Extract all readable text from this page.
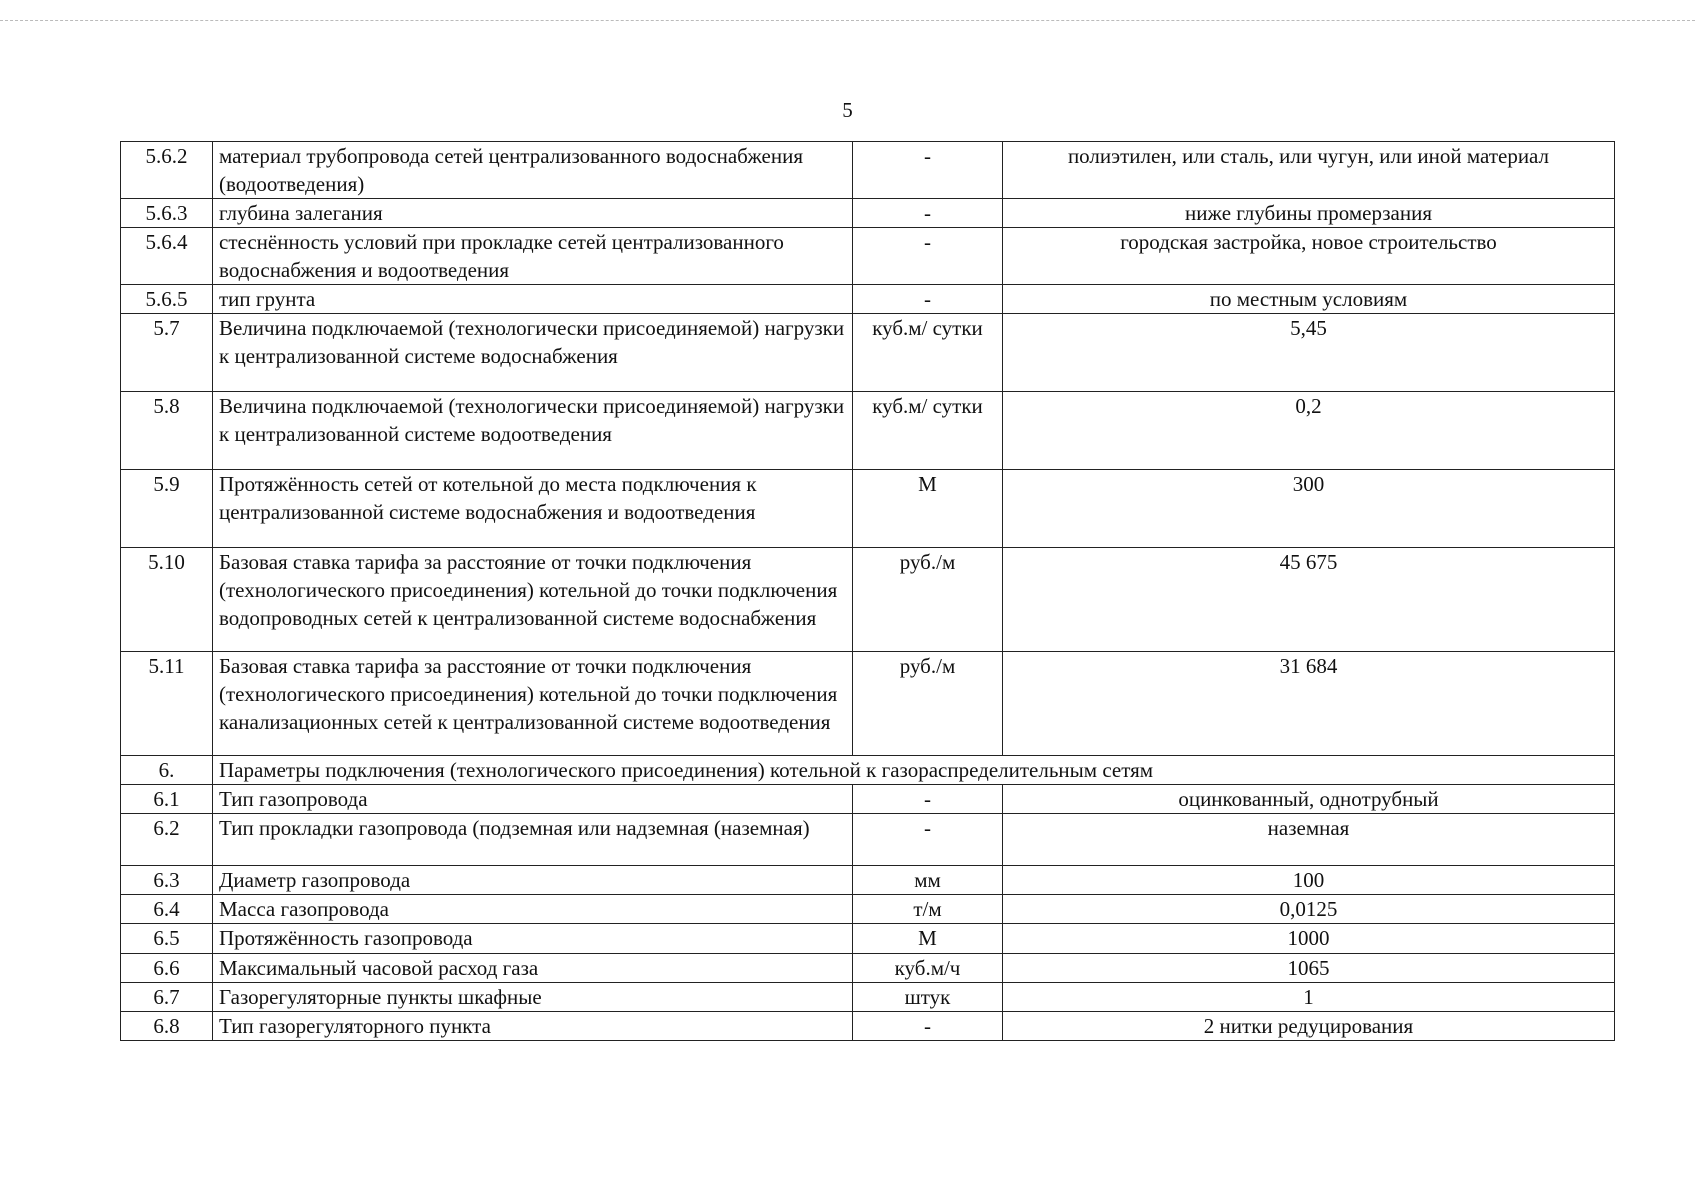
5
5.6.2	материал трубопровода сетей централизованного водоснабжения (водоотведения)	-	полиэтилен, или сталь, или чугун, или иной материал
5.6.3	глубина залегания	-	ниже глубины промерзания
5.6.4	стеснённость условий при прокладке сетей централизованного водоснабжения и водоотведения	-	городская застройка, новое строительство
5.6.5	тип грунта	-	по местным условиям
5.7	Величина подключаемой (технологически присоединяемой) нагрузки к централизованной системе водоснабжения	куб.м/ сутки	5,45
5.8	Величина подключаемой (технологически присоединяемой) нагрузки к централизованной системе водоотведения	куб.м/ сутки	0,2
5.9	Протяжённость сетей от котельной до места подключения к централизованной системе водоснабжения и водоотведения	М	300
5.10	Базовая ставка тарифа за расстояние от точки подключения (технологического присоединения) котельной до точки подключения водопроводных сетей к централизованной системе водоснабжения	руб./м	45 675
5.11	Базовая ставка тарифа за расстояние от точки подключения (технологического присоединения) котельной до точки подключения канализационных сетей к централизованной системе водоотведения	руб./м	31 684
6.	Параметры подключения (технологического присоединения) котельной к газораспределительным сетям		
6.1	Тип газопровода	-	оцинкованный, однотрубный
6.2	Тип прокладки газопровода (подземная или надземная (наземная)	-	наземная
6.3	Диаметр газопровода	мм	100
6.4	Масса газопровода	т/м	0,0125
6.5	Протяжённость газопровода	М	1000
6.6	Максимальный часовой расход газа	куб.м/ч	1065
6.7	Газорегуляторные пункты шкафные	штук	1
6.8	Тип газорегуляторного пункта	-	2 нитки редуцирования
